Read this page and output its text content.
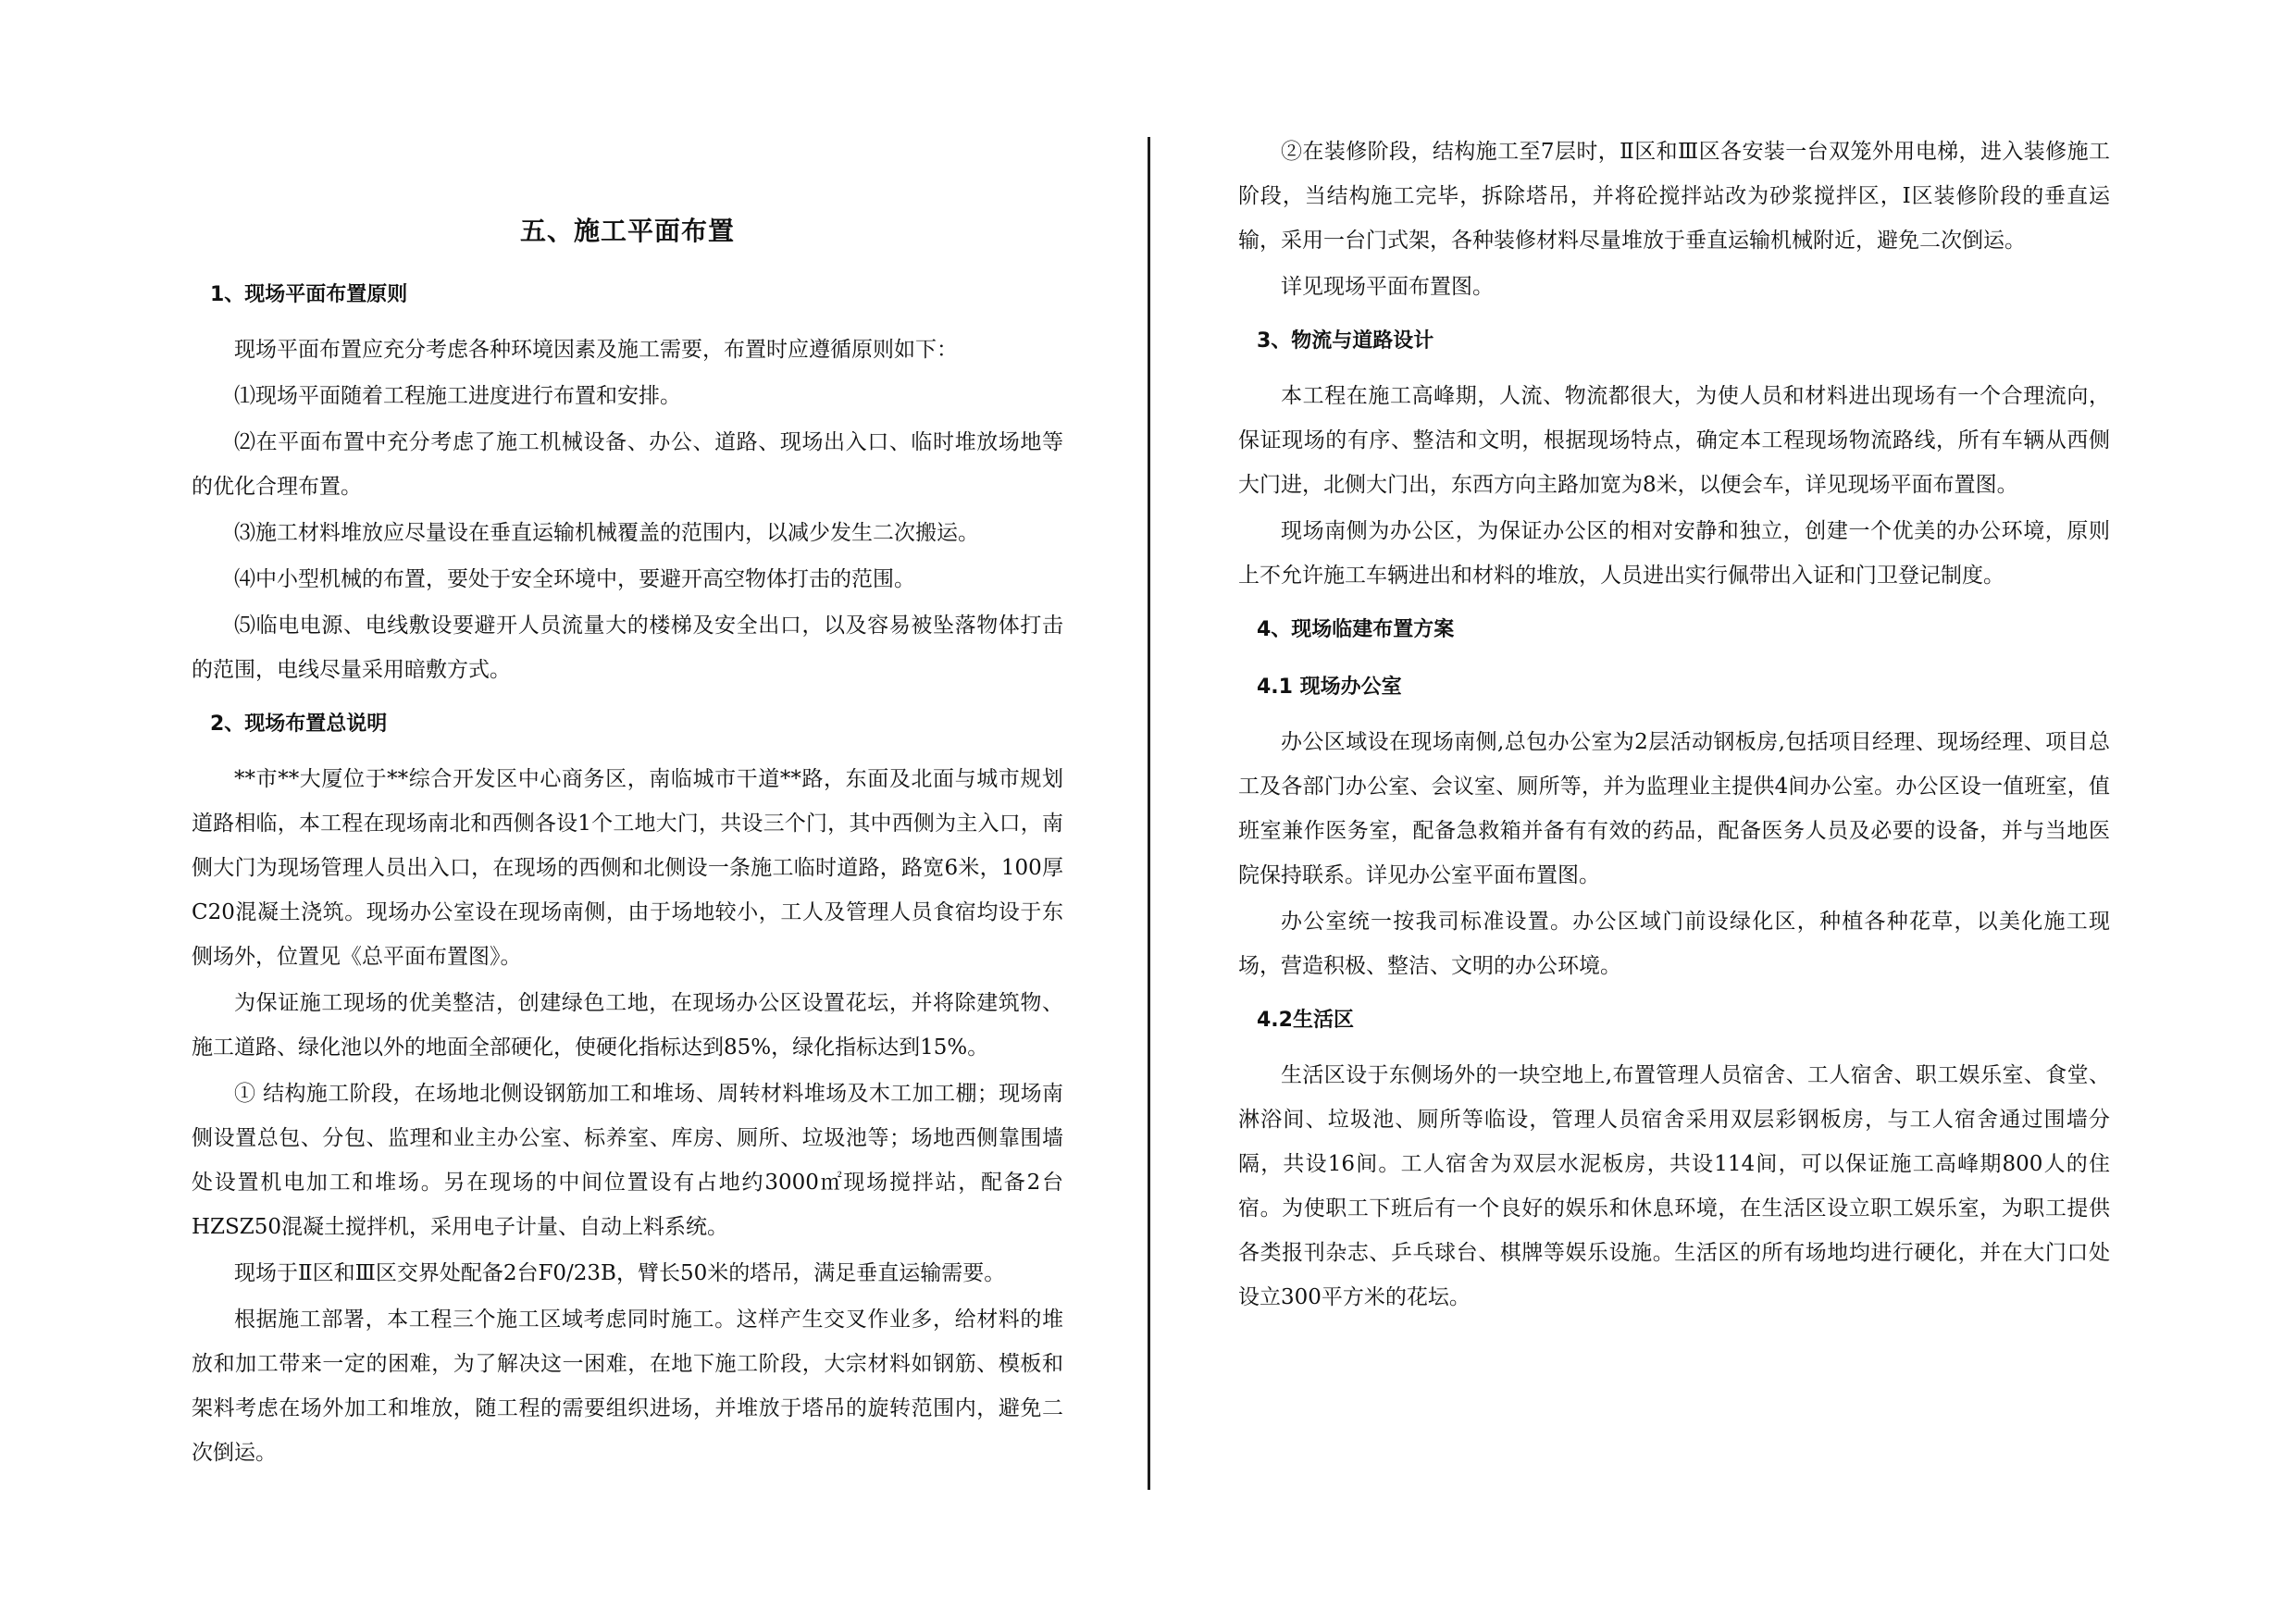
五、施工平面布置
1、现场平面布置原则

现场平面布置应充分考虑各种环境因素及施工需要，布置时应遵循原则如下：

⑴现场平面随着工程施工进度进行布置和安排。

⑵在平面布置中充分考虑了施工机械设备、办公、道路、现场出入口、临时堆放场地等的优化合理布置。

⑶施工材料堆放应尽量设在垂直运输机械覆盖的范围内，以减少发生二次搬运。

⑷中小型机械的布置，要处于安全环境中，要避开高空物体打击的范围。

⑸临电电源、电线敷设要避开人员流量大的楼梯及安全出口，以及容易被坠落物体打击的范围，电线尽量采用暗敷方式。

2、现场布置总说明

**市**大厦位于**综合开发区中心商务区，南临城市干道**路，东面及北面与城市规划道路相临，本工程在现场南北和西侧各设1个工地大门，共设三个门，其中西侧为主入口，南侧大门为现场管理人员出入口，在现场的西侧和北侧设一条施工临时道路，路宽6米，100厚C20混凝土浇筑。现场办公室设在现场南侧，由于场地较小，工人及管理人员食宿均设于东侧场外，位置见《总平面布置图》。

为保证施工现场的优美整洁，创建绿色工地，在现场办公区设置花坛，并将除建筑物、施工道路、绿化池以外的地面全部硬化，使硬化指标达到85%，绿化指标达到15%。

① 结构施工阶段，在场地北侧设钢筋加工和堆场、周转材料堆场及木工加工棚；现场南侧设置总包、分包、监理和业主办公室、标养室、库房、厕所、垃圾池等；场地西侧靠围墙处设置机电加工和堆场。另在现场的中间位置设有占地约3000㎡现场搅拌站，配备2台HZSZ50混凝土搅拌机，采用电子计量、自动上料系统。

现场于Ⅱ区和Ⅲ区交界处配备2台F0/23B，臂长50米的塔吊，满足垂直运输需要。

根据施工部署，本工程三个施工区域考虑同时施工。这样产生交叉作业多，给材料的堆放和加工带来一定的困难，为了解决这一困难，在地下施工阶段，大宗材料如钢筋、模板和架料考虑在场外加工和堆放，随工程的需要组织进场，并堆放于塔吊的旋转范围内，避免二次倒运。

②在装修阶段，结构施工至7层时，Ⅱ区和Ⅲ区各安装一台双笼外用电梯，进入装修施工阶段，当结构施工完毕，拆除塔吊，并将砼搅拌站改为砂浆搅拌区，Ⅰ区装修阶段的垂直运输，采用一台门式架，各种装修材料尽量堆放于垂直运输机械附近，避免二次倒运。

详见现场平面布置图。

3、物流与道路设计

本工程在施工高峰期，人流、物流都很大，为使人员和材料进出现场有一个合理流向，保证现场的有序、整洁和文明，根据现场特点，确定本工程现场物流路线，所有车辆从西侧大门进，北侧大门出，东西方向主路加宽为8米，以便会车，详见现场平面布置图。

现场南侧为办公区，为保证办公区的相对安静和独立，创建一个优美的办公环境，原则上不允许施工车辆进出和材料的堆放，人员进出实行佩带出入证和门卫登记制度。

4、现场临建布置方案
4.1 现场办公室

办公区域设在现场南侧,总包办公室为2层活动钢板房,包括项目经理、现场经理、项目总工及各部门办公室、会议室、厕所等，并为监理业主提供4间办公室。办公区设一值班室，值班室兼作医务室，配备急救箱并备有有效的药品，配备医务人员及必要的设备，并与当地医院保持联系。详见办公室平面布置图。

办公室统一按我司标准设置。办公区域门前设绿化区，种植各种花草，以美化施工现场，营造积极、整洁、文明的办公环境。

4.2生活区

生活区设于东侧场外的一块空地上,布置管理人员宿舍、工人宿舍、职工娱乐室、食堂、淋浴间、垃圾池、厕所等临设，管理人员宿舍采用双层彩钢板房，与工人宿舍通过围墙分隔，共设16间。工人宿舍为双层水泥板房，共设114间，可以保证施工高峰期800人的住宿。为使职工下班后有一个良好的娱乐和休息环境，在生活区设立职工娱乐室，为职工提供各类报刊杂志、乒乓球台、棋牌等娱乐设施。生活区的所有场地均进行硬化，并在大门口处设立300平方米的花坛。
